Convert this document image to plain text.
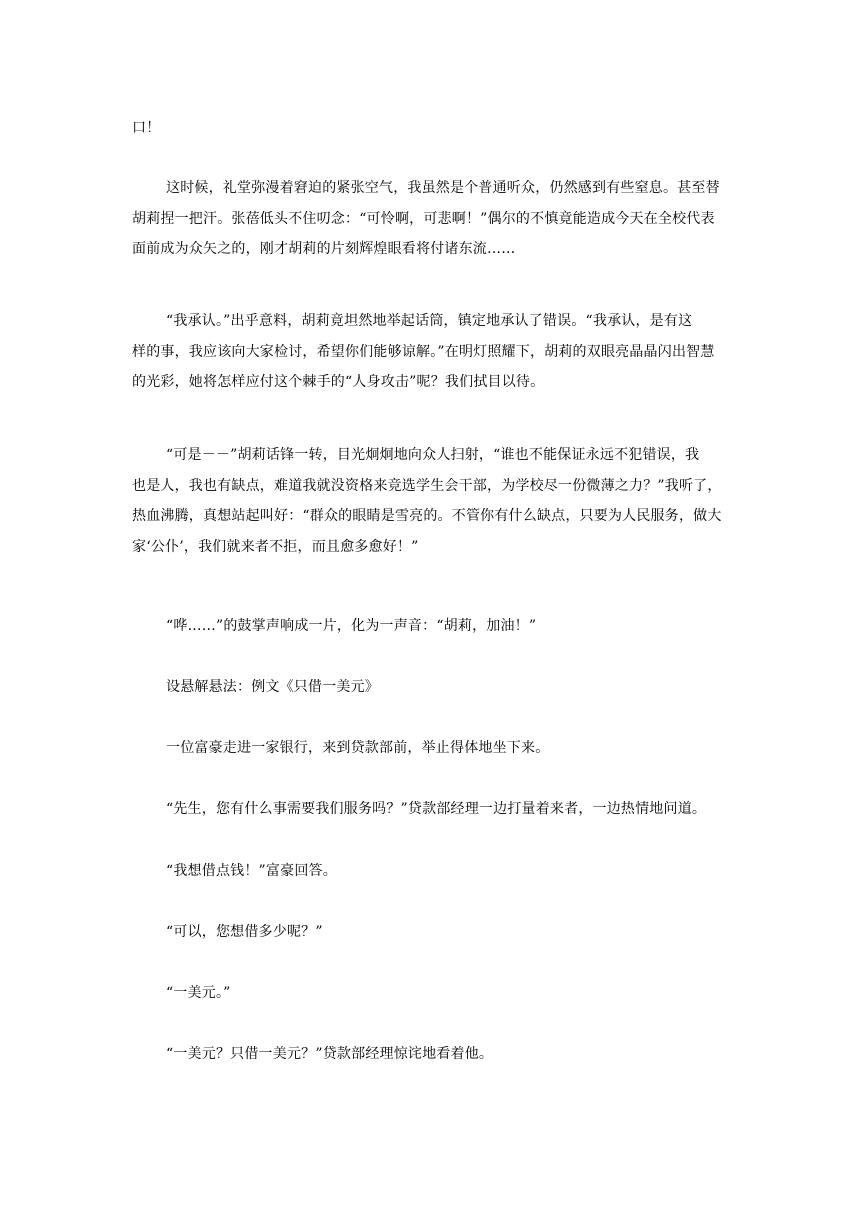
口！
这时候，礼堂弥漫着窘迫的紧张空气，我虽然是个普通听众，仍然感到有些窒息。甚至替
胡莉捏一把汗。张蓓低头不住叨念：“可怜啊，可悲啊！”偶尔的不慎竟能造成今天在全校代表
面前成为众矢之的，刚才胡莉的片刻辉煌眼看将付诸东流……
“我承认。”出乎意料，胡莉竟坦然地举起话筒，镇定地承认了错误。“我承认，是有这
样的事，我应该向大家检讨，希望你们能够谅解。”在明灯照耀下，胡莉的双眼亮晶晶闪出智慧
的光彩，她将怎样应付这个棘手的“人身攻击”呢？我们拭目以待。
“可是－－”胡莉话锋一转，目光炯炯地向众人扫射，“谁也不能保证永远不犯错误，我
也是人，我也有缺点，难道我就没资格来竞选学生会干部，为学校尽一份微薄之力？”我听了，
热血沸腾，真想站起叫好：“群众的眼睛是雪亮的。不管你有什么缺点，只要为人民服务，做大
家‘公仆’，我们就来者不拒，而且愈多愈好！”
“哗……”的鼓掌声响成一片，化为一声音：“胡莉，加油！”
设悬解悬法：例文《只借一美元》
一位富豪走进一家银行，来到贷款部前，举止得体地坐下来。
“先生，您有什么事需要我们服务吗？”贷款部经理一边打量着来者，一边热情地问道。
“我想借点钱！”富豪回答。
“可以，您想借多少呢？”
“一美元。”
“一美元？只借一美元？”贷款部经理惊诧地看着他。
